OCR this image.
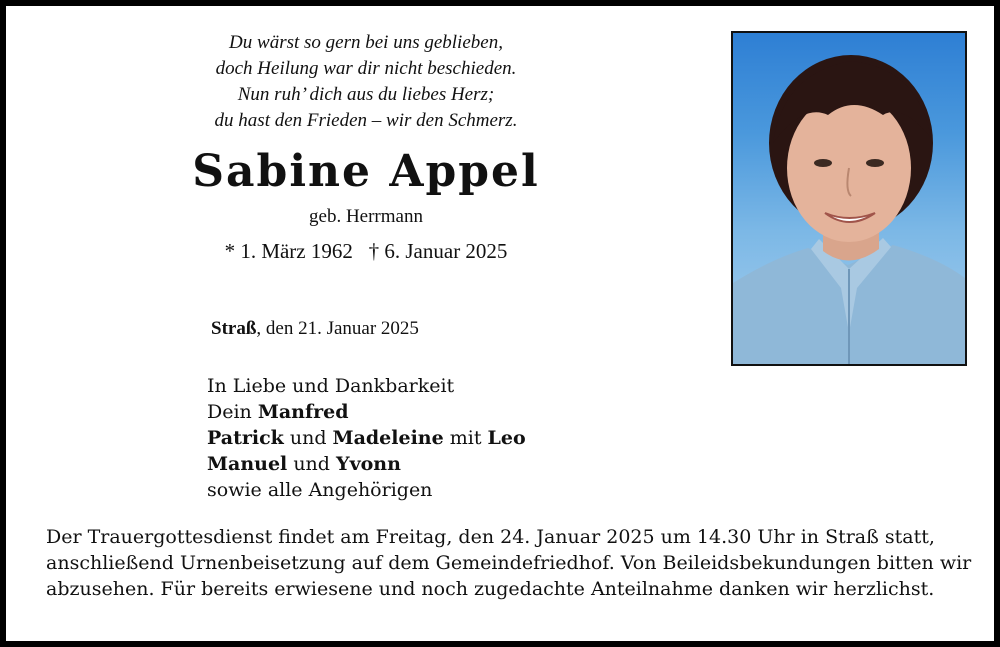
Du wärst so gern bei uns geblieben,
doch Heilung war dir nicht beschieden.
Nun ruh’ dich aus du liebes Herz;
du hast den Frieden – wir den Schmerz.
Sabine Appel
geb. Herrmann
* 1. März 1962 † 6. Januar 2025
Straß, den 21. Januar 2025
In Liebe und Dankbarkeit
Dein Manfred
Patrick und Madeleine mit Leo
Manuel und Yvonn
sowie alle Angehörigen
Der Trauergottesdienst findet am Freitag, den 24. Januar 2025 um 14.30 Uhr in Straß statt,
anschließend Urnenbeisetzung auf dem Gemeindefriedhof. Von Beileidsbekundungen bitten wir
abzusehen. Für bereits erwiesene und noch zugedachte Anteilnahme danken wir herzlichst.
